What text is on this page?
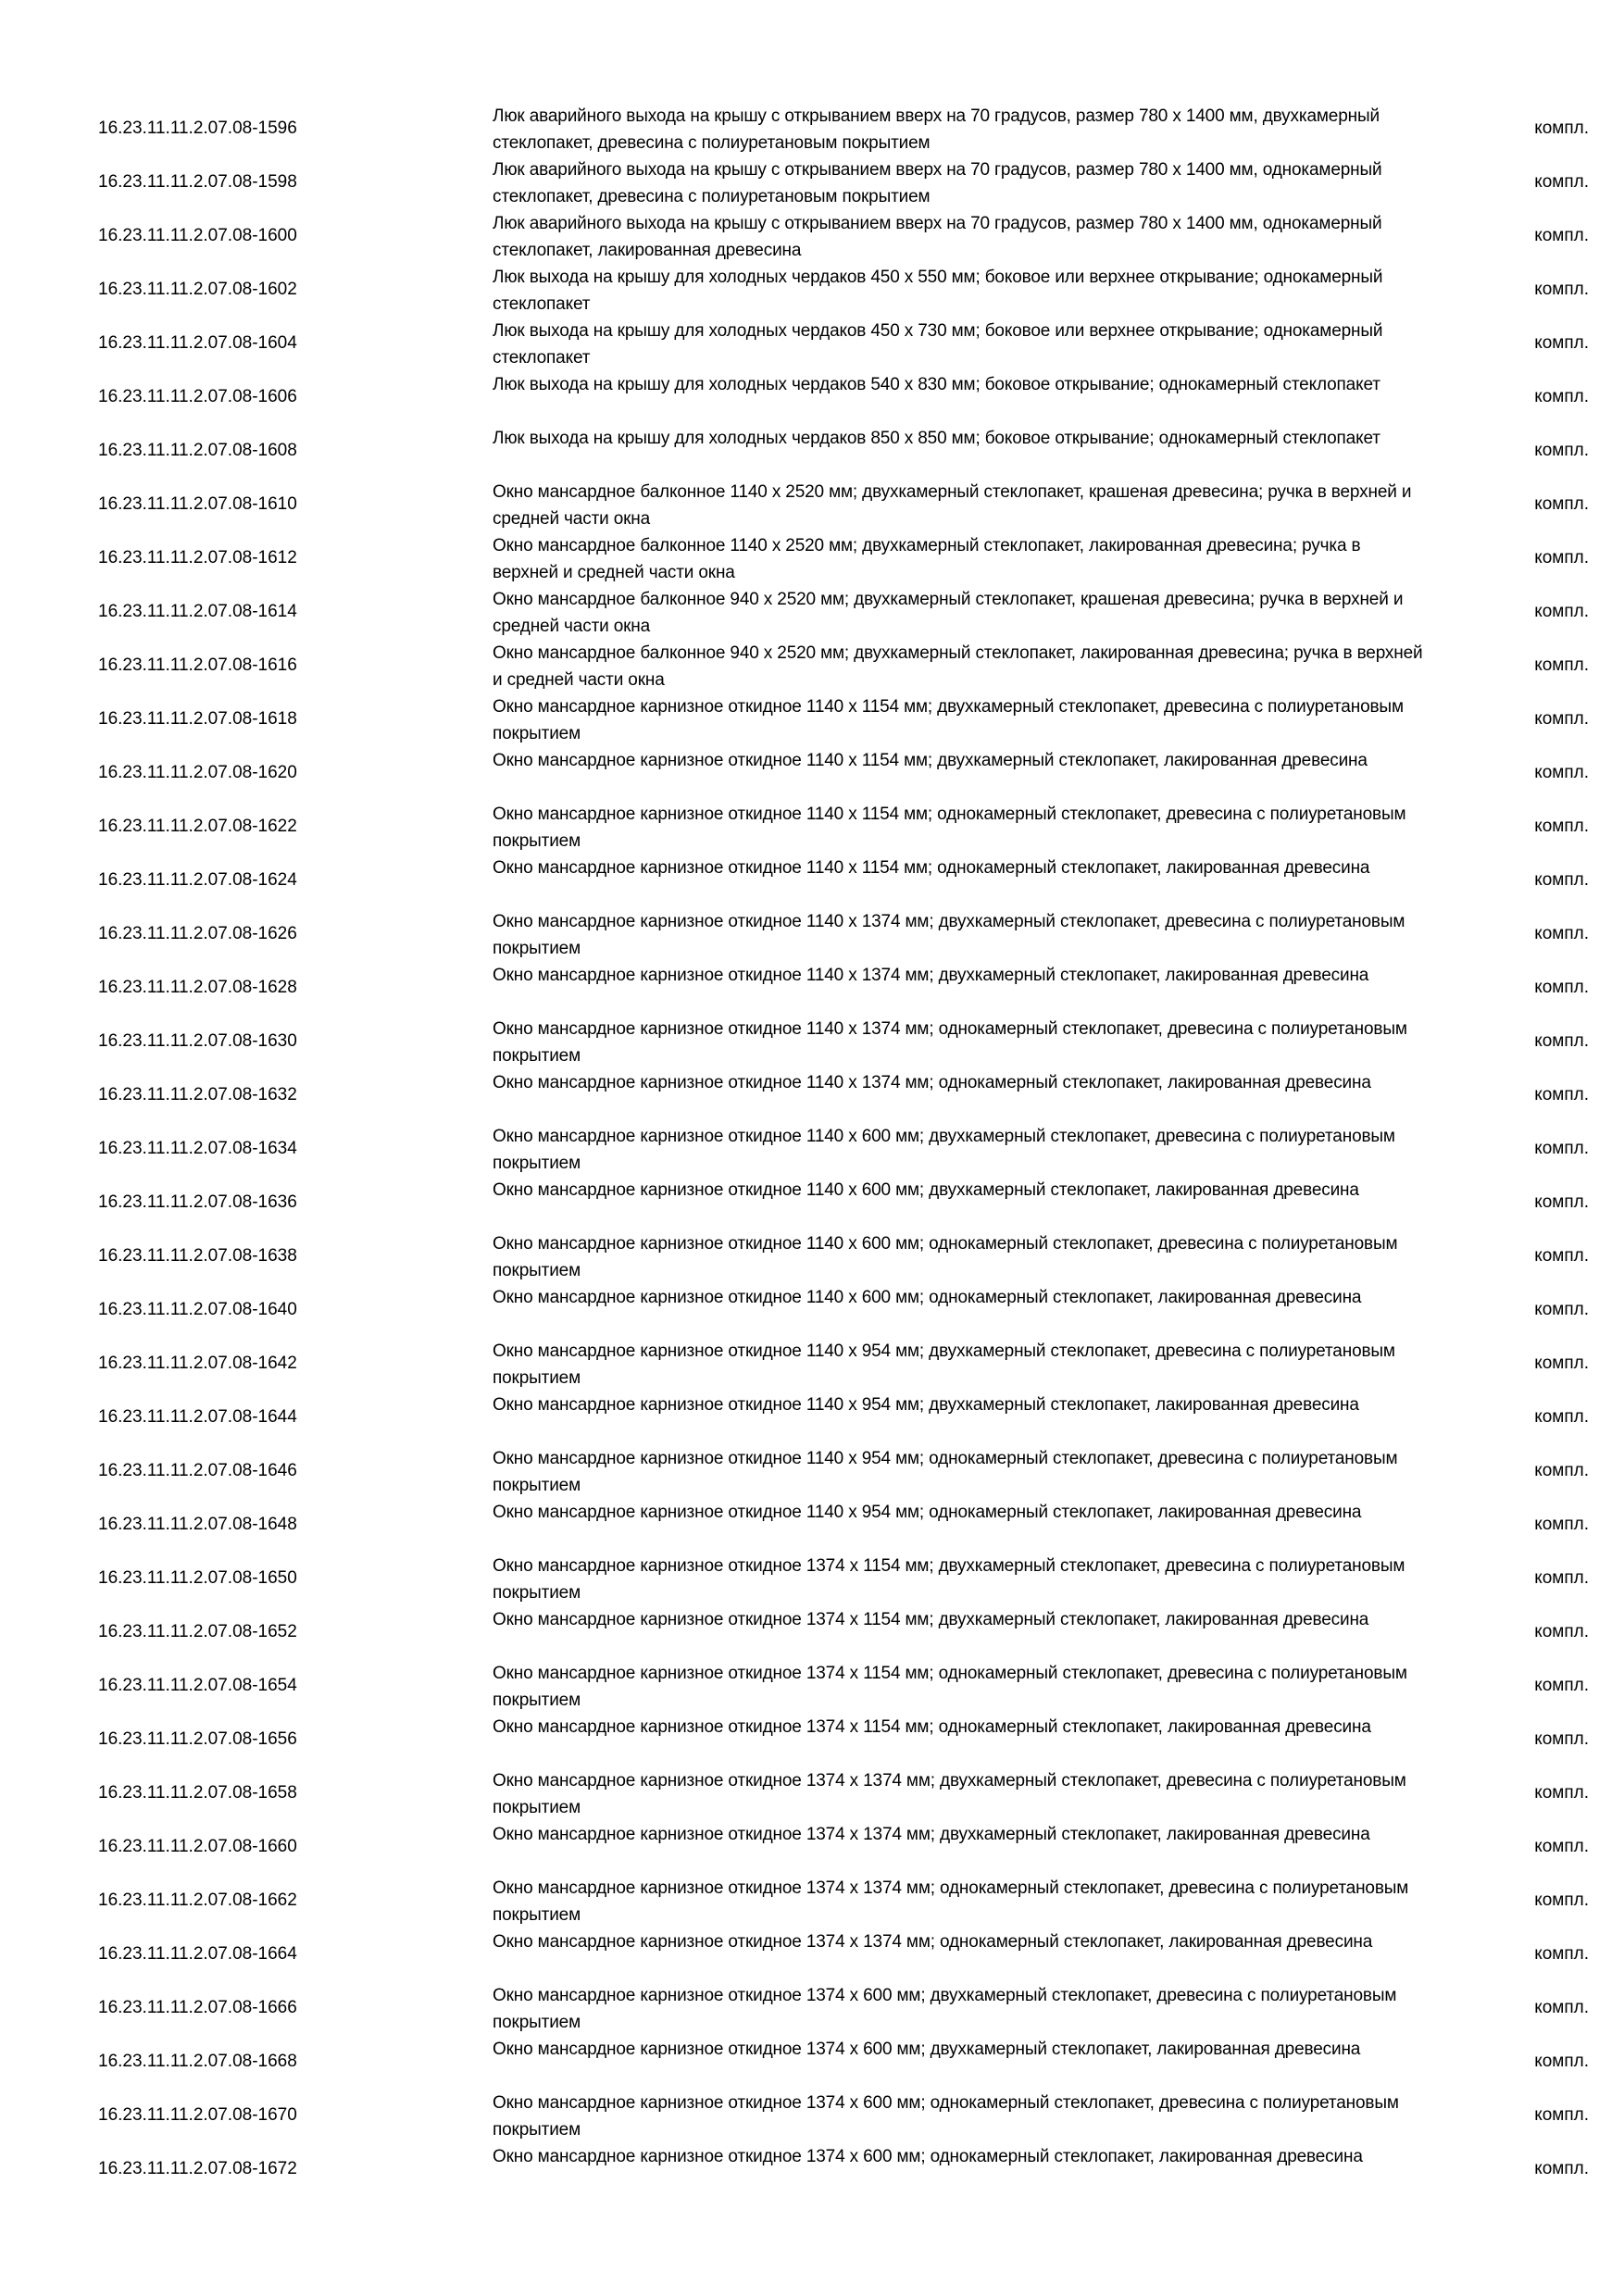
16.23.11.11.2.07.08-1596
Люк аварийного выхода на крышу с открыванием вверх на 70 градусов, размер 780 х 1400 мм, двухкамерный стеклопакет, древесина с полиуретановым покрытием
компл.
16.23.11.11.2.07.08-1598
Люк аварийного выхода на крышу с открыванием вверх на 70 градусов, размер 780 х 1400 мм, однокамерный стеклопакет, древесина с полиуретановым покрытием
компл.
16.23.11.11.2.07.08-1600
Люк аварийного выхода на крышу с открыванием вверх на 70 градусов, размер 780 х 1400 мм, однокамерный стеклопакет, лакированная древесина
компл.
16.23.11.11.2.07.08-1602
Люк выхода на крышу для холодных чердаков 450 х 550 мм; боковое или верхнее открывание; однокамерный стеклопакет
компл.
16.23.11.11.2.07.08-1604
Люк выхода на крышу для холодных чердаков 450 х 730 мм; боковое или верхнее открывание; однокамерный стеклопакет
компл.
16.23.11.11.2.07.08-1606
Люк выхода на крышу для холодных чердаков 540 х 830 мм; боковое открывание; однокамерный стеклопакет
компл.
16.23.11.11.2.07.08-1608
Люк выхода на крышу для холодных чердаков 850 х 850 мм; боковое открывание; однокамерный стеклопакет
компл.
16.23.11.11.2.07.08-1610
Окно мансардное балконное 1140 х 2520 мм; двухкамерный стеклопакет, крашеная древесина; ручка в верхней и средней части окна
компл.
16.23.11.11.2.07.08-1612
Окно мансардное балконное 1140 х 2520 мм; двухкамерный стеклопакет, лакированная древесина; ручка в верхней и средней части окна
компл.
16.23.11.11.2.07.08-1614
Окно мансардное балконное 940 х 2520 мм; двухкамерный стеклопакет, крашеная древесина; ручка в верхней и средней части окна
компл.
16.23.11.11.2.07.08-1616
Окно мансардное балконное 940 х 2520 мм; двухкамерный стеклопакет, лакированная древесина; ручка в верхней и средней части окна
компл.
16.23.11.11.2.07.08-1618
Окно мансардное карнизное откидное 1140 х 1154 мм; двухкамерный стеклопакет, древесина с полиуретановым покрытием
компл.
16.23.11.11.2.07.08-1620
Окно мансардное карнизное откидное 1140 х 1154 мм; двухкамерный стеклопакет, лакированная древесина
компл.
16.23.11.11.2.07.08-1622
Окно мансардное карнизное откидное 1140 х 1154 мм; однокамерный стеклопакет, древесина с полиуретановым покрытием
компл.
16.23.11.11.2.07.08-1624
Окно мансардное карнизное откидное 1140 х 1154 мм; однокамерный стеклопакет, лакированная древесина
компл.
16.23.11.11.2.07.08-1626
Окно мансардное карнизное откидное 1140 х 1374 мм; двухкамерный стеклопакет, древесина с полиуретановым покрытием
компл.
16.23.11.11.2.07.08-1628
Окно мансардное карнизное откидное 1140 х 1374 мм; двухкамерный стеклопакет, лакированная древесина
компл.
16.23.11.11.2.07.08-1630
Окно мансардное карнизное откидное 1140 х 1374 мм; однокамерный стеклопакет, древесина с полиуретановым покрытием
компл.
16.23.11.11.2.07.08-1632
Окно мансардное карнизное откидное 1140 х 1374 мм; однокамерный стеклопакет, лакированная древесина
компл.
16.23.11.11.2.07.08-1634
Окно мансардное карнизное откидное 1140 х 600 мм; двухкамерный стеклопакет, древесина с полиуретановым покрытием
компл.
16.23.11.11.2.07.08-1636
Окно мансардное карнизное откидное 1140 х 600 мм; двухкамерный стеклопакет, лакированная древесина
компл.
16.23.11.11.2.07.08-1638
Окно мансардное карнизное откидное 1140 х 600 мм; однокамерный стеклопакет, древесина с полиуретановым покрытием
компл.
16.23.11.11.2.07.08-1640
Окно мансардное карнизное откидное 1140 х 600 мм; однокамерный стеклопакет, лакированная древесина
компл.
16.23.11.11.2.07.08-1642
Окно мансардное карнизное откидное 1140 х 954 мм; двухкамерный стеклопакет, древесина с полиуретановым покрытием
компл.
16.23.11.11.2.07.08-1644
Окно мансардное карнизное откидное 1140 х 954 мм; двухкамерный стеклопакет, лакированная древесина
компл.
16.23.11.11.2.07.08-1646
Окно мансардное карнизное откидное 1140 х 954 мм; однокамерный стеклопакет, древесина с полиуретановым покрытием
компл.
16.23.11.11.2.07.08-1648
Окно мансардное карнизное откидное 1140 х 954 мм; однокамерный стеклопакет, лакированная древесина
компл.
16.23.11.11.2.07.08-1650
Окно мансардное карнизное откидное 1374 х 1154 мм; двухкамерный стеклопакет, древесина с полиуретановым покрытием
компл.
16.23.11.11.2.07.08-1652
Окно мансардное карнизное откидное 1374 х 1154 мм; двухкамерный стеклопакет, лакированная древесина
компл.
16.23.11.11.2.07.08-1654
Окно мансардное карнизное откидное 1374 х 1154 мм; однокамерный стеклопакет, древесина с полиуретановым покрытием
компл.
16.23.11.11.2.07.08-1656
Окно мансардное карнизное откидное 1374 х 1154 мм; однокамерный стеклопакет, лакированная древесина
компл.
16.23.11.11.2.07.08-1658
Окно мансардное карнизное откидное 1374 х 1374 мм; двухкамерный стеклопакет, древесина с полиуретановым покрытием
компл.
16.23.11.11.2.07.08-1660
Окно мансардное карнизное откидное 1374 х 1374 мм; двухкамерный стеклопакет, лакированная древесина
компл.
16.23.11.11.2.07.08-1662
Окно мансардное карнизное откидное 1374 х 1374 мм; однокамерный стеклопакет, древесина с полиуретановым покрытием
компл.
16.23.11.11.2.07.08-1664
Окно мансардное карнизное откидное 1374 х 1374 мм; однокамерный стеклопакет, лакированная древесина
компл.
16.23.11.11.2.07.08-1666
Окно мансардное карнизное откидное 1374 х 600 мм; двухкамерный стеклопакет, древесина с полиуретановым покрытием
компл.
16.23.11.11.2.07.08-1668
Окно мансардное карнизное откидное 1374 х 600 мм; двухкамерный стеклопакет, лакированная древесина
компл.
16.23.11.11.2.07.08-1670
Окно мансардное карнизное откидное 1374 х 600 мм; однокамерный стеклопакет, древесина с полиуретановым покрытием
компл.
16.23.11.11.2.07.08-1672
Окно мансардное карнизное откидное 1374 х 600 мм; однокамерный стеклопакет, лакированная древесина
компл.
